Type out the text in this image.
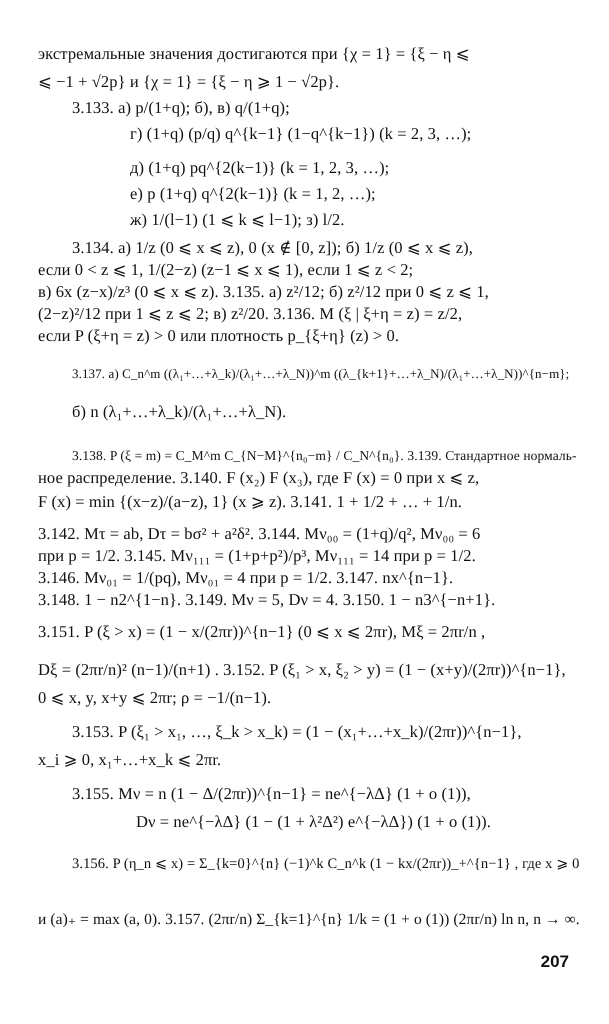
экстремальные значения достигаются при {χ = 1} = {ξ − η ⩽
⩽ −1 + √2p} и {χ = 1} = {ξ − η ⩾ 1 − √2p}.
3.133. а) p/(1+q); б), в) q/(1+q);
г) (1+q) (p/q) q^{k−1} (1−q^{k−1}) (k = 2, 3, …);
д) (1+q) pq^{2(k−1)} (k = 1, 2, 3, …);
е) p (1+q) q^{2(k−1)} (k = 1, 2, …);
ж) 1/(l−1) (1 ⩽ k ⩽ l−1); з) l/2.
3.134. а) 1/z (0 ⩽ x ⩽ z), 0 (x ∉ [0, z]); б) 1/z (0 ⩽ x ⩽ z),
если 0 < z ⩽ 1, 1/(2−z) (z−1 ⩽ x ⩽ 1), если 1 ⩽ z < 2;
в) 6x (z−x)/z³ (0 ⩽ x ⩽ z). 3.135. а) z²/12; б) z²/12 при 0 ⩽ z ⩽ 1,
(2−z)²/12 при 1 ⩽ z ⩽ 2; в) z²/20. 3.136. M (ξ | ξ+η = z) = z/2,
если P (ξ+η = z) > 0 или плотность p_{ξ+η} (z) > 0.
3.137. а) C_n^m ((λ₁+…+λ_k)/(λ₁+…+λ_N))^m ((λ_{k+1}+…+λ_N)/(λ₁+…+λ_N))^{n−m};
б) n (λ₁+…+λ_k)/(λ₁+…+λ_N).
3.138. P (ξ = m) = C_M^m C_{N−M}^{n₀−m} / C_N^{n₀}. 3.139. Стандартное нормаль-
ное распределение. 3.140. F (x₂) F (x₃), где F (x) = 0 при x ⩽ z,
F (x) = min {(x−z)/(a−z), 1} (x ⩾ z). 3.141. 1 + 1/2 + … + 1/n.
3.142. Mτ = ab, Dτ = bσ² + a²δ². 3.144. Mν₀₀ = (1+q)/q², Mν₀₀ = 6
при p = 1/2. 3.145. Mν₁₁₁ = (1+p+p²)/p³, Mν₁₁₁ = 14 при p = 1/2.
3.146. Mν₀₁ = 1/(pq), Mν₀₁ = 4 при p = 1/2. 3.147. nx^{n−1}.
3.148. 1 − n2^{1−n}. 3.149. Mν = 5, Dν = 4. 3.150. 1 − n3^{−n+1}.
3.151. P (ξ > x) = (1 − x/(2πr))^{n−1} (0 ⩽ x ⩽ 2πr), Mξ = 2πr/n ,
Dξ = (2πr/n)² (n−1)/(n+1) . 3.152. P (ξ₁ > x, ξ₂ > y) = (1 − (x+y)/(2πr))^{n−1},
0 ⩽ x, y, x+y ⩽ 2πr; ρ = −1/(n−1).
3.153. P (ξ₁ > x₁, …, ξ_k > x_k) = (1 − (x₁+…+x_k)/(2πr))^{n−1},
x_i ⩾ 0, x₁+…+x_k ⩽ 2πr.
3.155. Mν = n (1 − Δ/(2πr))^{n−1} = ne^{−λΔ} (1 + o (1)),
Dν = ne^{−λΔ} (1 − (1 + λ²Δ²) e^{−λΔ}) (1 + o (1)).
3.156. P (η_n ⩽ x) = Σ_{k=0}^{n} (−1)^k C_n^k (1 − kx/(2πr))_+^{n−1} , где x ⩾ 0
и (a)₊ = max (a, 0). 3.157. (2πr/n) Σ_{k=1}^{n} 1/k = (1 + o (1)) (2πr/n) ln n, n → ∞.
207
